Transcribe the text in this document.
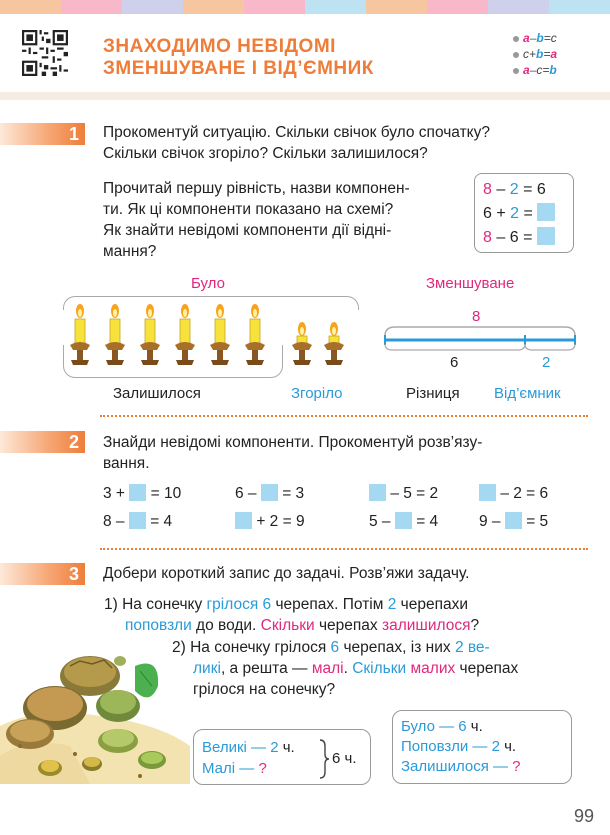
ЗНАХОДИМО НЕВІДОМІ
ЗМЕНШУВАНЕ І ВІД’ЄМНИК
a–b=c
c+b=a
a–c=b
1	Прокоментуй ситуацію. Скільки свічок було спочатку?
Скільки свічок згоріло? Скільки залишилося?
Прочитай першу рівність, назви компонен-
ти. Як ці компоненти показано на схемі?
Як знайти невідомі компоненти дії відні-
мання?
8 – 2 = 6
6 + 2 =
8 – 6 =
Було
Залишилося	Згоріло
Зменшуване
8
6	2
Різниця Від’ємник
2	Знайди невідомі компоненти. Прокоментуй розв’язу-
вання.
3 + = 10	6 – = 3	– 5 = 2	– 2 = 6
8 – = 4	+ 2 = 9	5 – = 4	9 – = 5
3	Добери короткий запис до задачі. Розв’яжи задачу.
1) На сонечку грілося 6 черепах. Потім 2 черепахи
поповзли до води. Скільки черепах залишилося?
2) На сонечку грілося 6 черепах, із них 2 ве-
ликі, а решта — малі. Скільки малих черепах
грілося на сонечку?
Великі — 2 ч.
Малі — ?
6 ч.
Було — 6 ч.
Поповзли — 2 ч.
Залишилося — ?
99
